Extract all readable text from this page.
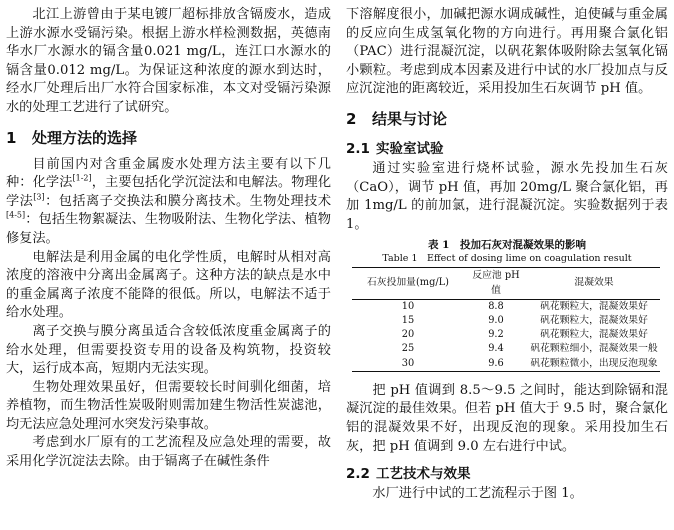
北江上游曾由于某电镀厂超标排放含镉废水，造成上游水源水受镉污染。根据上游水样检测数据，英德南华水厂水源水的镉含量0.021 mg/L，连江口水源水的镉含量0.012 mg/L。为保证这种浓度的源水到达时，经水厂处理后出厂水符合国家标准，本文对受镉污染源水的处理工艺进行了试研究。

1 处理方法的选择

目前国内对含重金属废水处理方法主要有以下几种：化学法[1-2]，主要包括化学沉淀法和电解法。物理化学法[3]：包括离子交换法和膜分离技术。生物处理技术[4-5]：包括生物絮凝法、生物吸附法、生物化学法、植物修复法。

电解法是利用金属的电化学性质，电解时从相对高浓度的溶液中分离出金属离子。这种方法的缺点是水中的重金属离子浓度不能降的很低。所以，电解法不适于给水处理。

离子交换与膜分离虽适合含较低浓度重金属离子的给水处理，但需要投资专用的设备及构筑物，投资较大，运行成本高，短期内无法实现。

生物处理效果虽好，但需要较长时间驯化细菌，培养植物，而生物活性炭吸附则需加建生物活性炭滤池，均无法应急处理河水突发污染事故。

考虑到水厂原有的工艺流程及应急处理的需要，故采用化学沉淀法去除。由于镉离子在碱性条件

下溶解度很小，加碱把源水调成碱性，迫使碱与重金属的反应向生成氢氧化物的方向进行。再用聚合氯化铝（PAC）进行混凝沉淀，以矾花絮体吸附除去氢氧化镉小颗粒。考虑到成本因素及进行中试的水厂投加点与反应沉淀池的距离较近，采用投加生石灰调节 pH 值。

2 结果与讨论
2.1 实验室试验

通过实验室进行烧杯试验，源水先投加生石灰（CaO），调节 pH 值，再加 20mg/L 聚合氯化铝，再加 1mg/L 的前加氯，进行混凝沉淀。实验数据列于表 1。

表 1　投加石灰对混凝效果的影响
Table 1　Effect of dosing lime on coagulation result
石灰投加量(mg/L)	反应池 pH 值	混凝效果
10	8.8	矾花颗粒大，混凝效果好
15	9.0	矾花颗粒大，混凝效果好
20	9.2	矾花颗粒大，混凝效果好
25	9.4	矾花颗粒细小，混凝效果一般
30	9.6	矾花颗粒微小，出现反泡现象

把 pH 值调到 8.5～9.5 之间时，能达到除镉和混凝沉淀的最佳效果。但若 pH 值大于 9.5 时，聚合氯化铝的混凝效果不好，出现反泡的现象。采用投加生石灰，把 pH 值调到 9.0 左右进行中试。

2.2 工艺技术与效果

水厂进行中试的工艺流程示于图 1。
